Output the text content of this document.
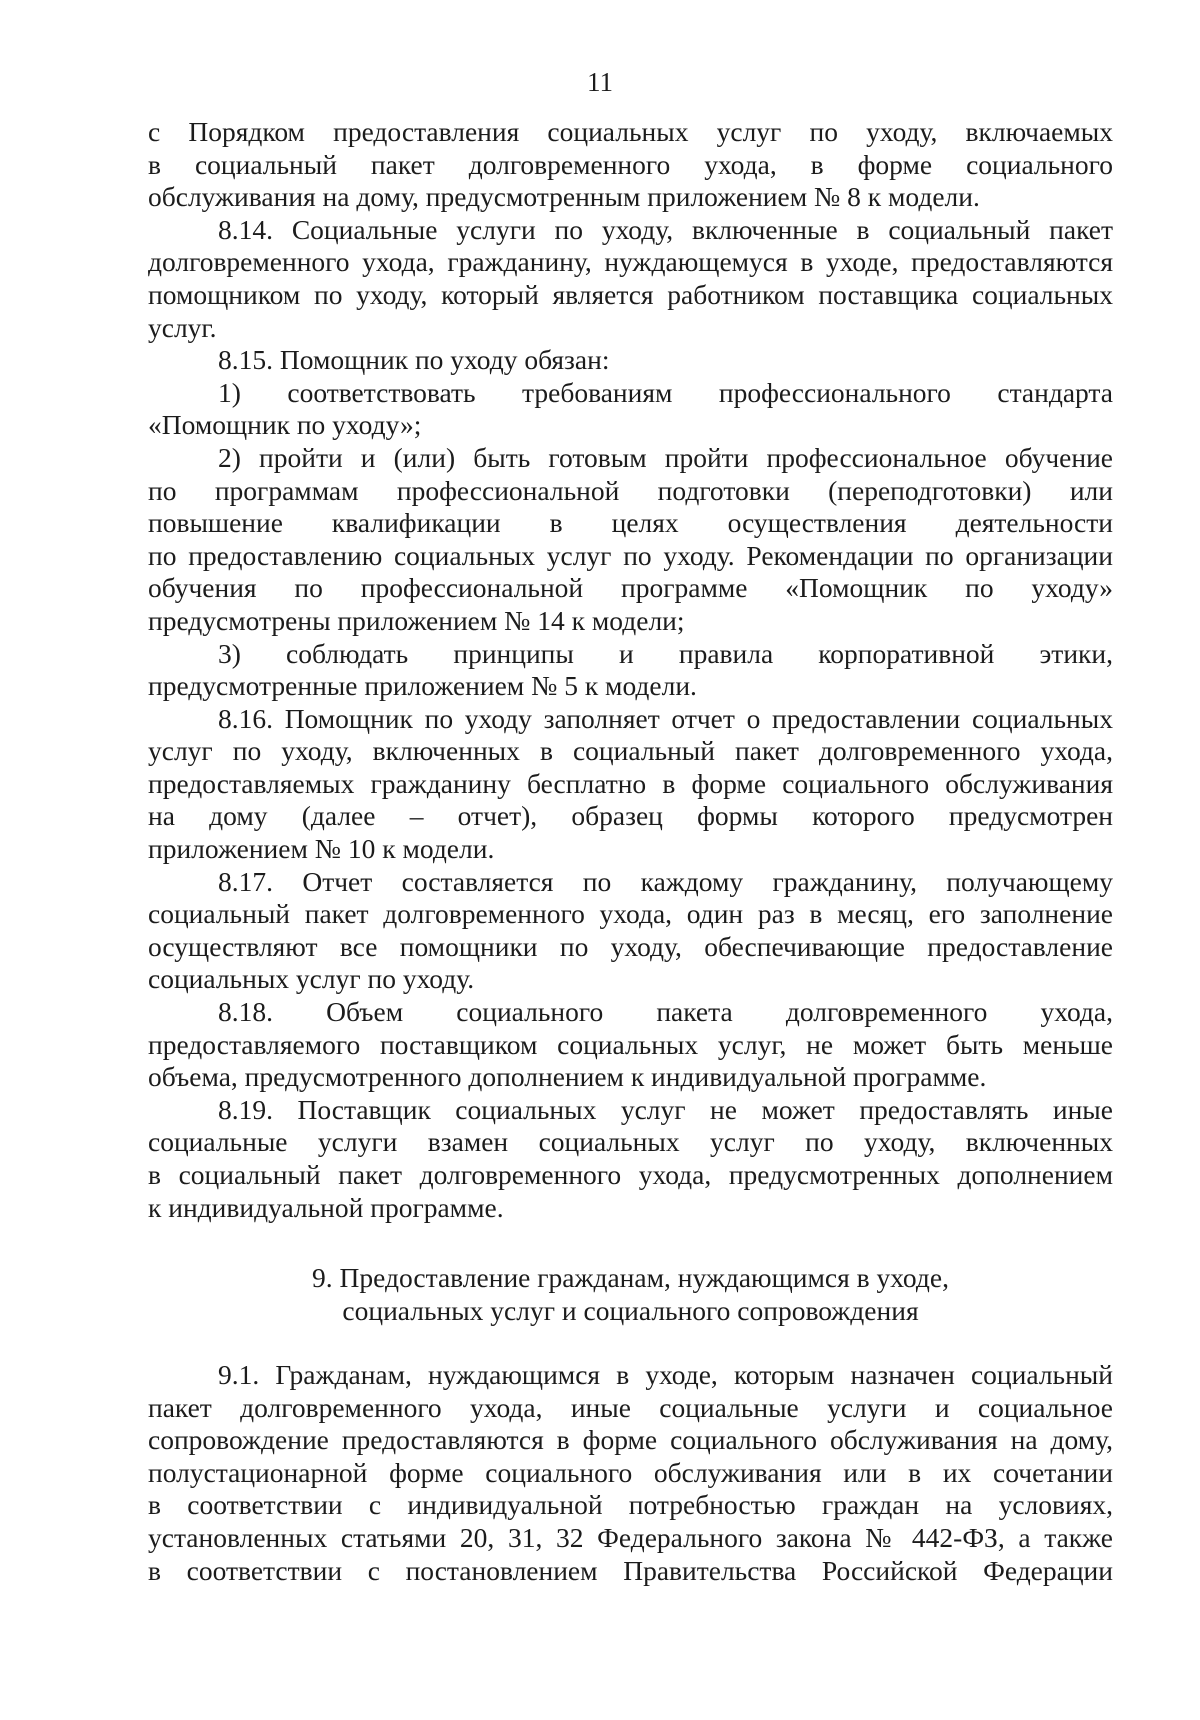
11
с Порядком предоставления социальных услуг по уходу, включаемых
в социальный пакет долговременного ухода, в форме социального
обслуживания на дому, предусмотренным приложением № 8 к модели.
8.14. Социальные услуги по уходу, включенные в социальный пакет
долговременного ухода, гражданину, нуждающемуся в уходе, предоставляются
помощником по уходу, который является работником поставщика социальных
услуг.
8.15. Помощник по уходу обязан:
1) соответствовать требованиям профессионального стандарта
«Помощник по уходу»;
2) пройти и (или) быть готовым пройти профессиональное обучение
по программам профессиональной подготовки (переподготовки) или
повышение квалификации в целях осуществления деятельности
по предоставлению социальных услуг по уходу. Рекомендации по организации
обучения по профессиональной программе «Помощник по уходу»
предусмотрены приложением № 14 к модели;
3) соблюдать принципы и правила корпоративной этики,
предусмотренные приложением № 5 к модели.
8.16. Помощник по уходу заполняет отчет о предоставлении социальных
услуг по уходу, включенных в социальный пакет долговременного ухода,
предоставляемых гражданину бесплатно в форме социального обслуживания
на дому (далее – отчет), образец формы которого предусмотрен
приложением № 10 к модели.
8.17. Отчет составляется по каждому гражданину, получающему
социальный пакет долговременного ухода, один раз в месяц, его заполнение
осуществляют все помощники по уходу, обеспечивающие предоставление
социальных услуг по уходу.
8.18. Объем социального пакета долговременного ухода,
предоставляемого поставщиком социальных услуг, не может быть меньше
объема, предусмотренного дополнением к индивидуальной программе.
8.19. Поставщик социальных услуг не может предоставлять иные
социальные услуги взамен социальных услуг по уходу, включенных
в социальный пакет долговременного ухода, предусмотренных дополнением
к индивидуальной программе.
9. Предоставление гражданам, нуждающимся в уходе,
социальных услуг и социального сопровождения
9.1. Гражданам, нуждающимся в уходе, которым назначен социальный
пакет долговременного ухода, иные социальные услуги и социальное
сопровождение предоставляются в форме социального обслуживания на дому,
полустационарной форме социального обслуживания или в их сочетании
в соответствии с индивидуальной потребностью граждан на условиях,
установленных статьями 20, 31, 32 Федерального закона № 442-ФЗ, а также
в соответствии с постановлением Правительства Российской Федерации
